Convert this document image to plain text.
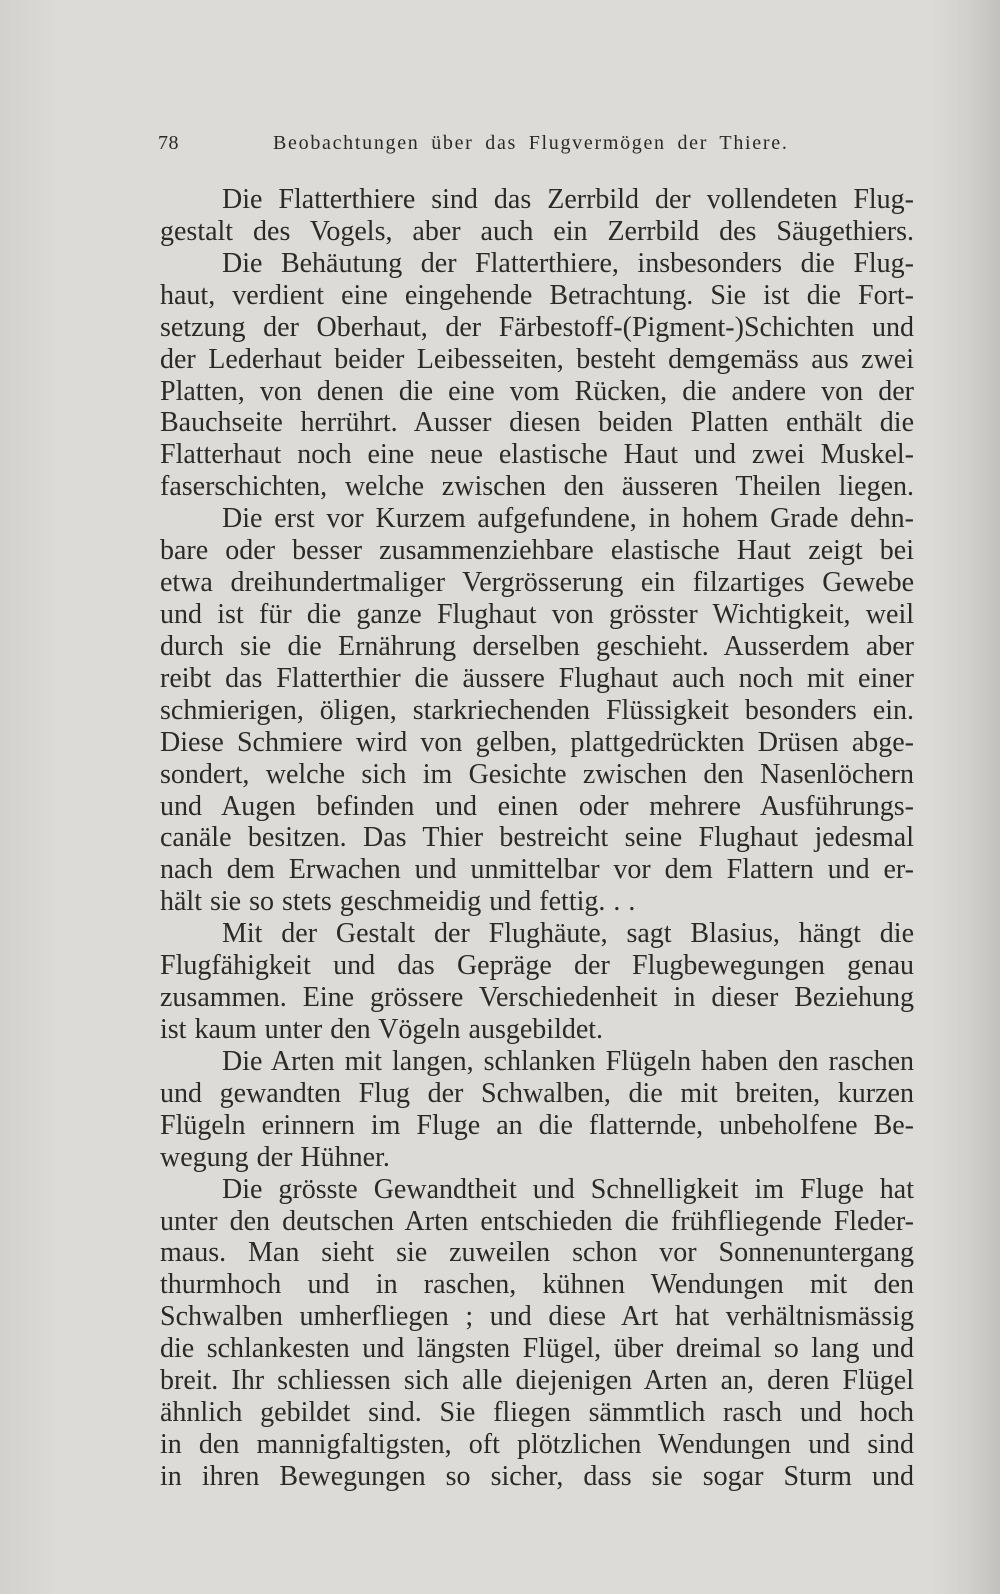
78	Beobachtungen über das Flugvermögen der Thiere.
Die Flatterthiere sind das Zerrbild der vollendeten Flug-
gestalt des Vogels, aber auch ein Zerrbild des Säugethiers.
Die Behäutung der Flatterthiere, insbesonders die Flug-
haut, verdient eine eingehende Betrachtung. Sie ist die Fort-
setzung der Oberhaut, der Färbestoff-(Pigment-)Schichten und
der Lederhaut beider Leibesseiten, besteht demgemäss aus zwei
Platten, von denen die eine vom Rücken, die andere von der
Bauchseite herrührt. Ausser diesen beiden Platten enthält die
Flatterhaut noch eine neue elastische Haut und zwei Muskel-
faserschichten, welche zwischen den äusseren Theilen liegen.
Die erst vor Kurzem aufgefundene, in hohem Grade dehn-
bare oder besser zusammenziehbare elastische Haut zeigt bei
etwa dreihundertmaliger Vergrösserung ein filzartiges Gewebe
und ist für die ganze Flughaut von grösster Wichtigkeit, weil
durch sie die Ernährung derselben geschieht. Ausserdem aber
reibt das Flatterthier die äussere Flughaut auch noch mit einer
schmierigen, öligen, starkriechenden Flüssigkeit besonders ein.
Diese Schmiere wird von gelben, plattgedrückten Drüsen abge-
sondert, welche sich im Gesichte zwischen den Nasenlöchern
und Augen befinden und einen oder mehrere Ausführungs-
canäle besitzen. Das Thier bestreicht seine Flughaut jedesmal
nach dem Erwachen und unmittelbar vor dem Flattern und er-
hält sie so stets geschmeidig und fettig. . .
Mit der Gestalt der Flughäute, sagt Blasius, hängt die
Flugfähigkeit und das Gepräge der Flugbewegungen genau
zusammen. Eine grössere Verschiedenheit in dieser Beziehung
ist kaum unter den Vögeln ausgebildet.
Die Arten mit langen, schlanken Flügeln haben den raschen
und gewandten Flug der Schwalben, die mit breiten, kurzen
Flügeln erinnern im Fluge an die flatternde, unbeholfene Be-
wegung der Hühner.
Die grösste Gewandtheit und Schnelligkeit im Fluge hat
unter den deutschen Arten entschieden die frühfliegende Fleder-
maus. Man sieht sie zuweilen schon vor Sonnenuntergang
thurmhoch und in raschen, kühnen Wendungen mit den
Schwalben umherfliegen ; und diese Art hat verhältnismässig
die schlankesten und längsten Flügel, über dreimal so lang und
breit. Ihr schliessen sich alle diejenigen Arten an, deren Flügel
ähnlich gebildet sind. Sie fliegen sämmtlich rasch und hoch
in den mannigfaltigsten, oft plötzlichen Wendungen und sind
in ihren Bewegungen so sicher, dass sie sogar Sturm und
